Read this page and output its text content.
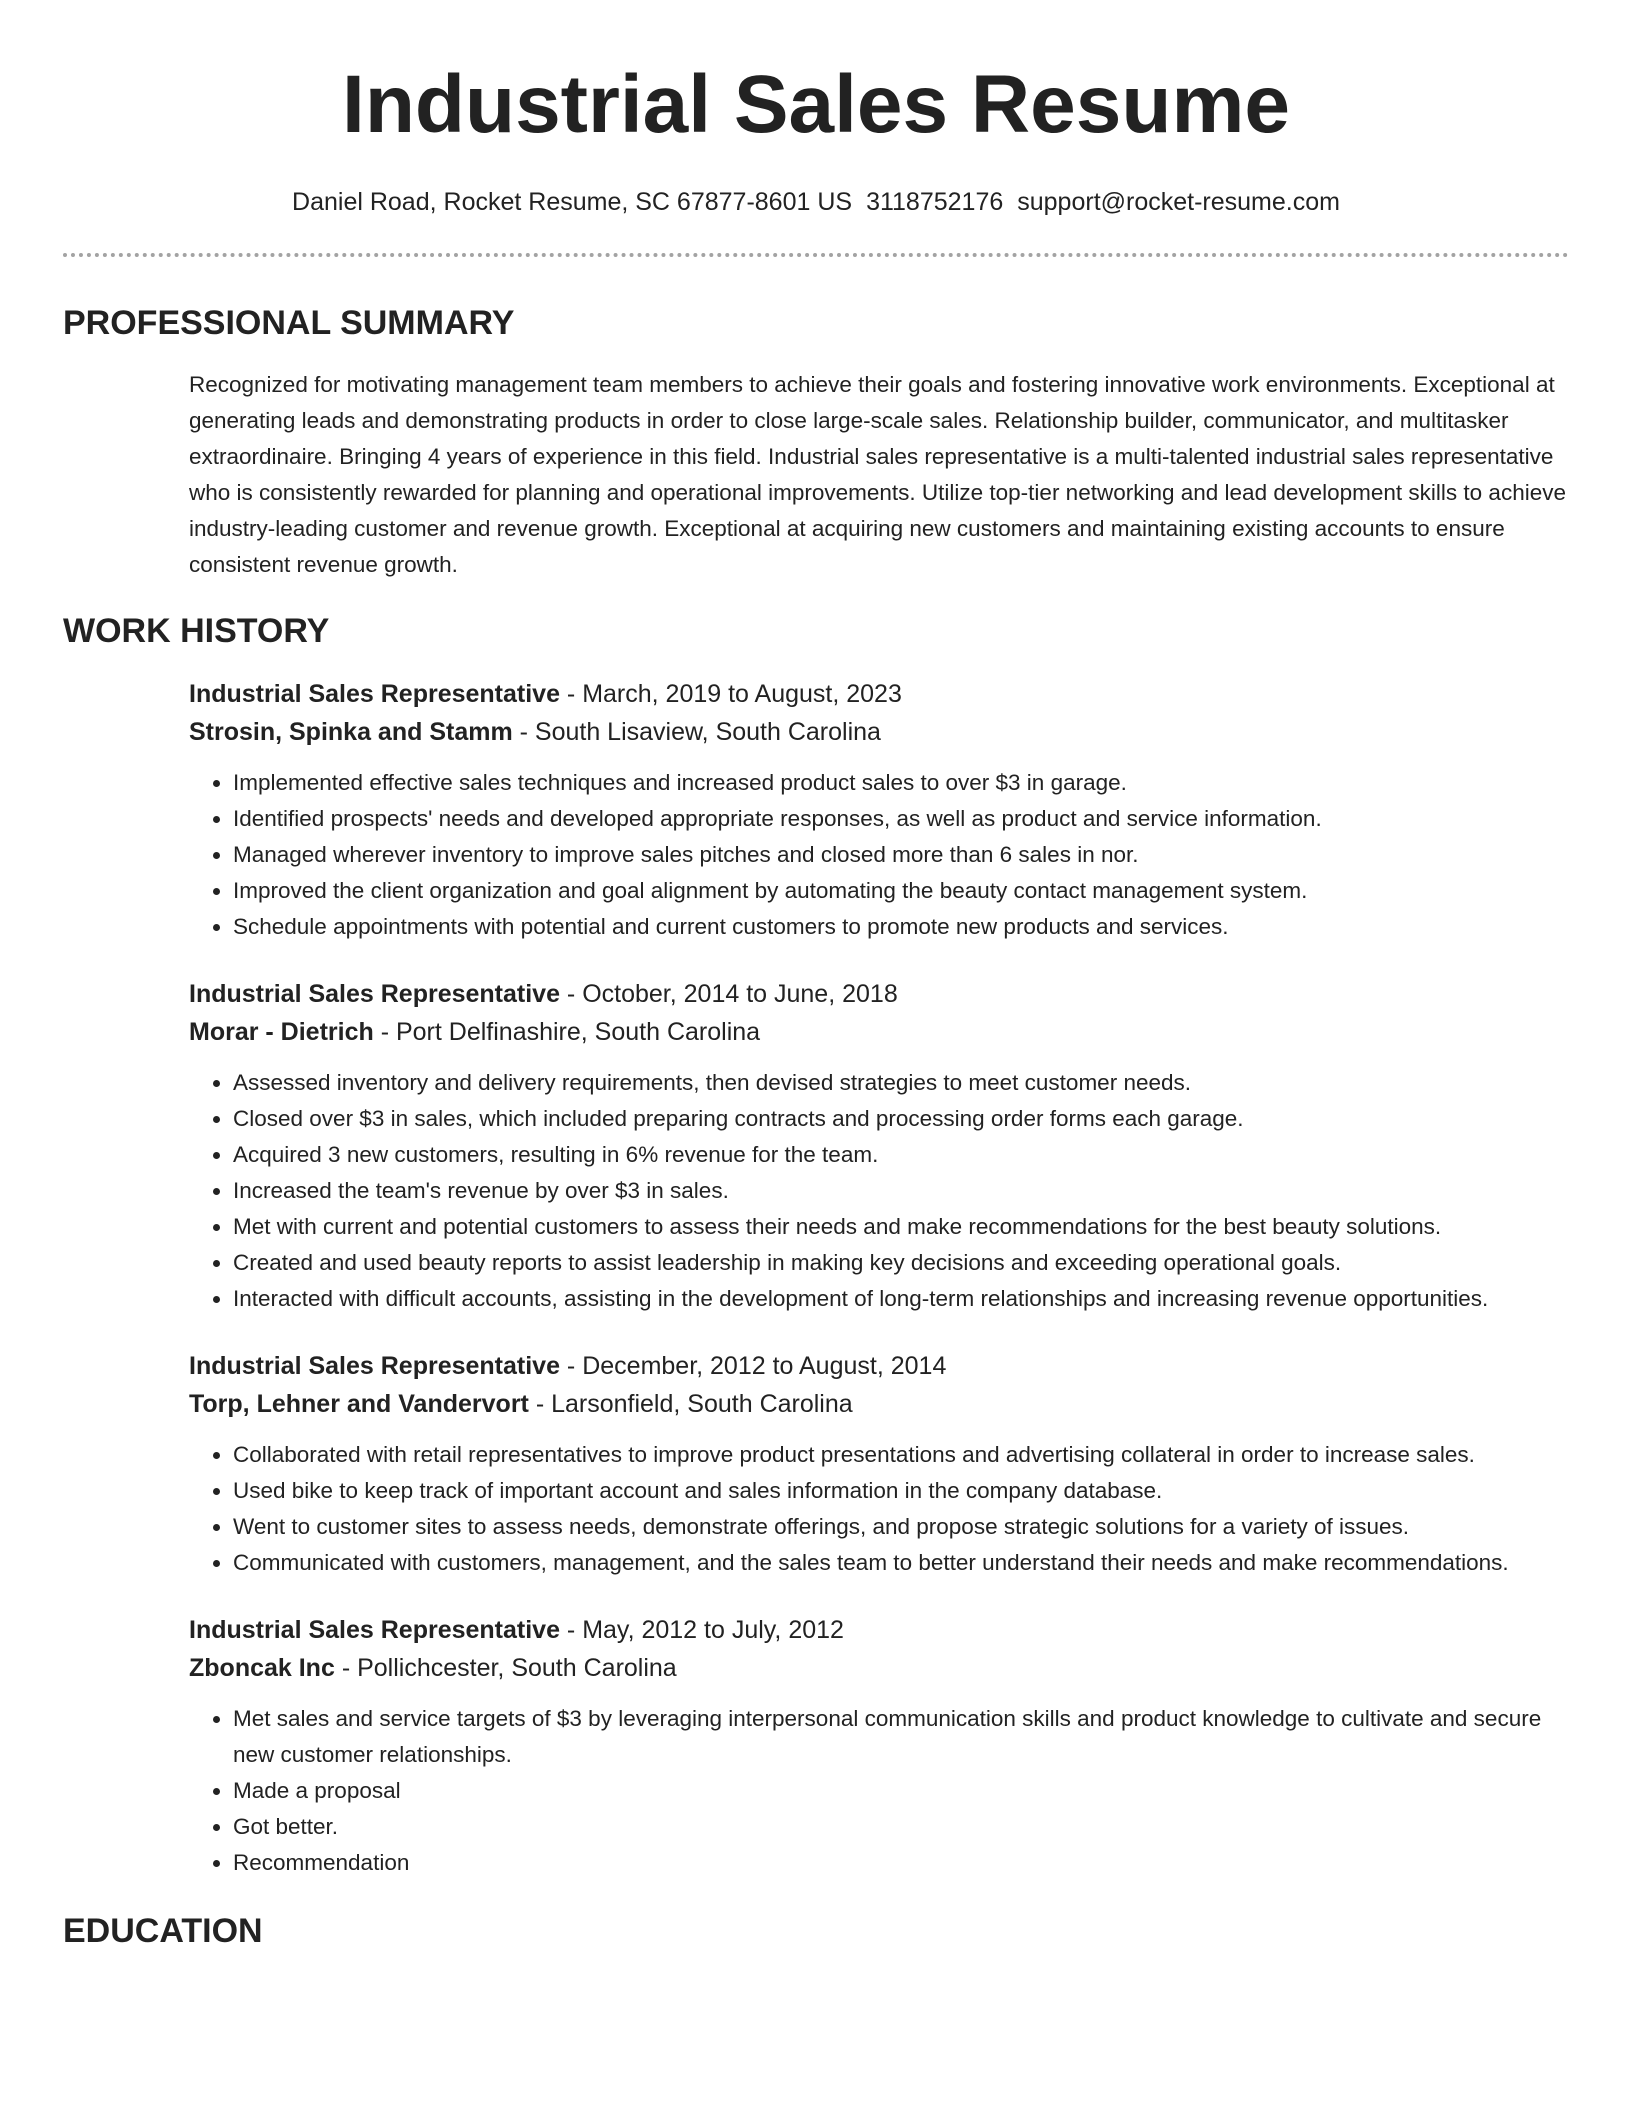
Industrial Sales Resume
Daniel Road, Rocket Resume, SC 67877-8601 US 3118752176 support@rocket-resume.com
PROFESSIONAL SUMMARY
Recognized for motivating management team members to achieve their goals and fostering innovative work environments. Exceptional at generating leads and demonstrating products in order to close large-scale sales. Relationship builder, communicator, and multitasker extraordinaire. Bringing 4 years of experience in this field. Industrial sales representative is a multi-talented industrial sales representative who is consistently rewarded for planning and operational improvements. Utilize top-tier networking and lead development skills to achieve industry-leading customer and revenue growth. Exceptional at acquiring new customers and maintaining existing accounts to ensure consistent revenue growth.
WORK HISTORY
Industrial Sales Representative - March, 2019 to August, 2023
Strosin, Spinka and Stamm - South Lisaview, South Carolina
• Implemented effective sales techniques and increased product sales to over $3 in garage.
• Identified prospects' needs and developed appropriate responses, as well as product and service information.
• Managed wherever inventory to improve sales pitches and closed more than 6 sales in nor.
• Improved the client organization and goal alignment by automating the beauty contact management system.
• Schedule appointments with potential and current customers to promote new products and services.
Industrial Sales Representative - October, 2014 to June, 2018
Morar - Dietrich - Port Delfinashire, South Carolina
• Assessed inventory and delivery requirements, then devised strategies to meet customer needs.
• Closed over $3 in sales, which included preparing contracts and processing order forms each garage.
• Acquired 3 new customers, resulting in 6% revenue for the team.
• Increased the team's revenue by over $3 in sales.
• Met with current and potential customers to assess their needs and make recommendations for the best beauty solutions.
• Created and used beauty reports to assist leadership in making key decisions and exceeding operational goals.
• Interacted with difficult accounts, assisting in the development of long-term relationships and increasing revenue opportunities.
Industrial Sales Representative - December, 2012 to August, 2014
Torp, Lehner and Vandervort - Larsonfield, South Carolina
• Collaborated with retail representatives to improve product presentations and advertising collateral in order to increase sales.
• Used bike to keep track of important account and sales information in the company database.
• Went to customer sites to assess needs, demonstrate offerings, and propose strategic solutions for a variety of issues.
• Communicated with customers, management, and the sales team to better understand their needs and make recommendations.
Industrial Sales Representative - May, 2012 to July, 2012
Zboncak Inc - Pollichcester, South Carolina
• Met sales and service targets of $3 by leveraging interpersonal communication skills and product knowledge to cultivate and secure new customer relationships.
• Made a proposal
• Got better.
• Recommendation
EDUCATION
